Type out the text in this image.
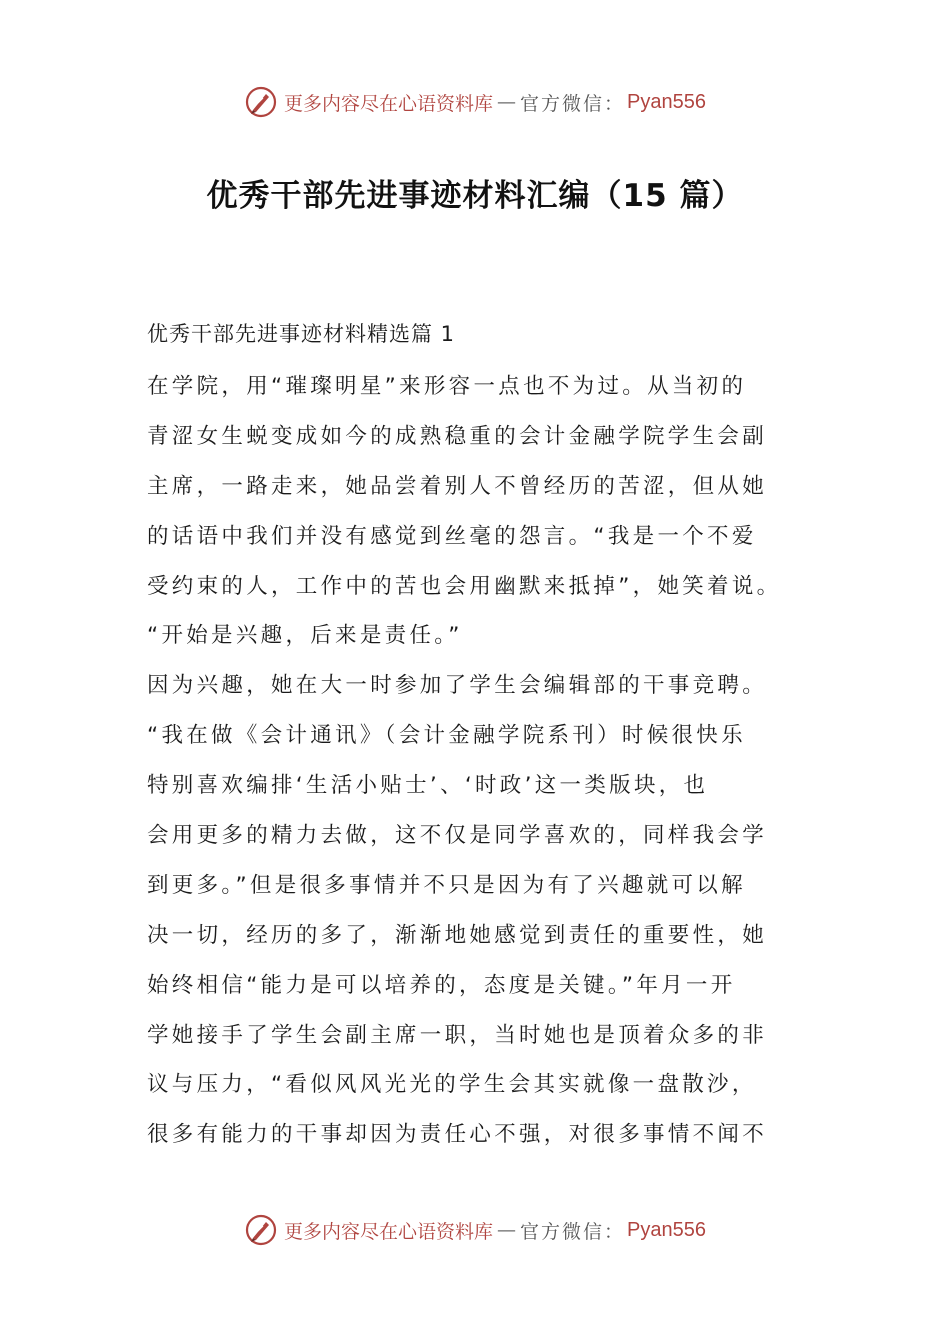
更多内容尽在心语资料库 — 官方微信： Pyan556
优秀干部先进事迹材料汇编（15 篇）
优秀干部先进事迹材料精选篇 1
在学院，用“璀璨明星”来形容一点也不为过。从当初的
青涩女生蜕变成如今的成熟稳重的会计金融学院学生会副
主席，一路走来，她品尝着别人不曾经历的苦涩，但从她
的话语中我们并没有感觉到丝毫的怨言。“我是一个不爱
受约束的人，工作中的苦也会用幽默来抵掉”，她笑着说。
“开始是兴趣，后来是责任。”
因为兴趣，她在大一时参加了学生会编辑部的干事竞聘。
“我在做《会计通讯》（会计金融学院系刊）时候很快乐
特别喜欢编排‘生活小贴士’、‘时政’这一类版块，也
会用更多的精力去做，这不仅是同学喜欢的，同样我会学
到更多。”但是很多事情并不只是因为有了兴趣就可以解
决一切，经历的多了，渐渐地她感觉到责任的重要性，她
始终相信“能力是可以培养的，态度是关键。”年月一开
学她接手了学生会副主席一职，当时她也是顶着众多的非
议与压力，“看似风风光光的学生会其实就像一盘散沙，
很多有能力的干事却因为责任心不强，对很多事情不闻不
更多内容尽在心语资料库 — 官方微信： Pyan556
